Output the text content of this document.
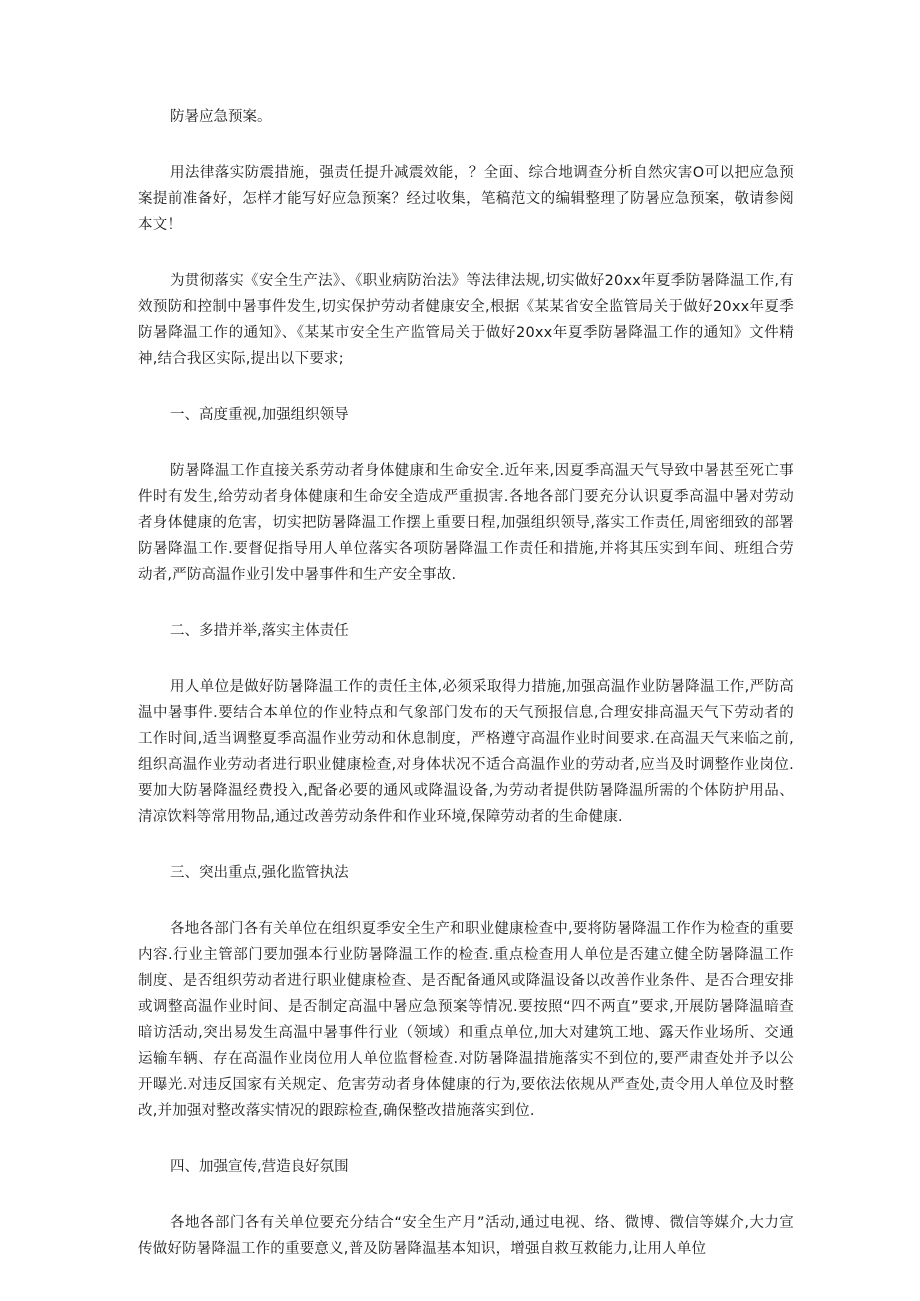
防暑应急预案。

用法律落实防震措施，强责任提升减震效能，？全面、综合地调查分析自然灾害O可以把应急预案提前准备好，怎样才能写好应急预案？经过收集，笔稿范文的编辑整理了防暑应急预案，敬请参阅本文！

为贯彻落实《安全生产法》、《职业病防治法》等法律法规,切实做好20xx年夏季防暑降温工作,有效预防和控制中暑事件发生,切实保护劳动者健康安全,根据《某某省安全监管局关于做好20xx年夏季防暑降温工作的通知》、《某某市安全生产监管局关于做好20xx年夏季防暑降温工作的通知》文件精神,结合我区实际,提出以下要求;

一、高度重视,加强组织领导

防暑降温工作直接关系劳动者身体健康和生命安全.近年来,因夏季高温天气导致中暑甚至死亡事件时有发生,给劳动者身体健康和生命安全造成严重损害.各地各部门要充分认识夏季高温中暑对劳动者身体健康的危害，切实把防暑降温工作摆上重要日程,加强组织领导,落实工作责任,周密细致的部署防暑降温工作.要督促指导用人单位落实各项防暑降温工作责任和措施,并将其压实到车间、班组合劳动者,严防高温作业引发中暑事件和生产安全事故.

二、多措并举,落实主体责任

用人单位是做好防暑降温工作的责任主体,必须采取得力措施,加强高温作业防暑降温工作,严防高温中暑事件.要结合本单位的作业特点和气象部门发布的天气预报信息,合理安排高温天气下劳动者的工作时间,适当调整夏季高温作业劳动和休息制度，严格遵守高温作业时间要求.在高温天气来临之前,组织高温作业劳动者进行职业健康检查,对身体状况不适合高温作业的劳动者,应当及时调整作业岗位.要加大防暑降温经费投入,配备必要的通风或降温设备,为劳动者提供防暑降温所需的个体防护用品、清凉饮料等常用物品,通过改善劳动条件和作业环境,保障劳动者的生命健康.

三、突出重点,强化监管执法

各地各部门各有关单位在组织夏季安全生产和职业健康检查中,要将防暑降温工作作为检查的重要内容.行业主管部门要加强本行业防暑降温工作的检查.重点检查用人单位是否建立健全防暑降温工作制度、是否组织劳动者进行职业健康检查、是否配备通风或降温设备以改善作业条件、是否合理安排或调整高温作业时间、是否制定高温中暑应急预案等情况.要按照“四不两直”要求,开展防暑降温暗查暗访活动,突出易发生高温中暑事件行业（领域）和重点单位,加大对建筑工地、露天作业场所、交通运输车辆、存在高温作业岗位用人单位监督检查.对防暑降温措施落实不到位的,要严肃查处并予以公开曝光.对违反国家有关规定、危害劳动者身体健康的行为,要依法依规从严查处,责令用人单位及时整改,并加强对整改落实情况的跟踪检查,确保整改措施落实到位.

四、加强宣传,营造良好氛围

各地各部门各有关单位要充分结合“安全生产月”活动,通过电视、络、微博、微信等媒介,大力宣传做好防暑降温工作的重要意义,普及防暑降温基本知识，增强自救互救能力,让用人单位
